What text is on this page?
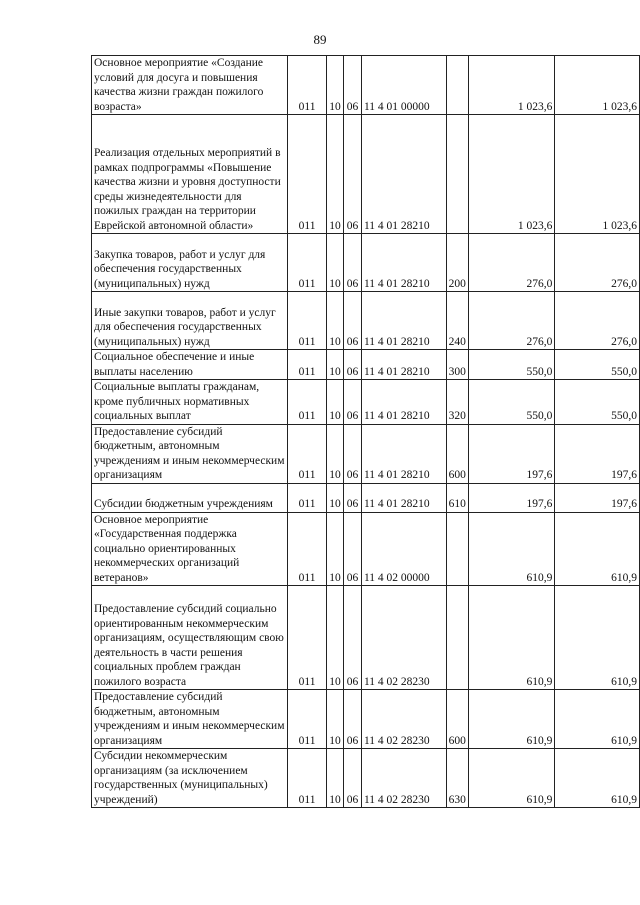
89
Основное мероприятие «Создание условий для досуга и повышения качества жизни граждан пожилого возраста»	011	10	06	11 4 01 00000		1 023,6	1 023,6
Реализация отдельных мероприятий в рамках подпрограммы «Повышение качества жизни и уровня доступности среды жизнедеятельности для пожилых граждан на территории Еврейской автономной области»	011	10	06	11 4 01 28210		1 023,6	1 023,6
Закупка товаров, работ и услуг для обеспечения государственных (муниципальных) нужд	011	10	06	11 4 01 28210	200	276,0	276,0
Иные закупки товаров, работ и услуг для обеспечения государственных (муниципальных) нужд	011	10	06	11 4 01 28210	240	276,0	276,0
Социальное обеспечение и иные выплаты населению	011	10	06	11 4 01 28210	300	550,0	550,0
Социальные выплаты гражданам, кроме публичных нормативных социальных выплат	011	10	06	11 4 01 28210	320	550,0	550,0
Предоставление субсидий бюджетным, автономным учреждениям и иным некоммерческим организациям	011	10	06	11 4 01 28210	600	197,6	197,6
Субсидии бюджетным учреждениям	011	10	06	11 4 01 28210	610	197,6	197,6
Основное мероприятие «Государственная поддержка социально ориентированных некоммерческих организаций ветеранов»	011	10	06	11 4 02 00000		610,9	610,9
Предоставление субсидий социально ориентированным некоммерческим организациям, осуществляющим свою деятельность в части решения социальных проблем граждан пожилого возраста	011	10	06	11 4 02 28230		610,9	610,9
Предоставление субсидий бюджетным, автономным учреждениям и иным некоммерческим организациям	011	10	06	11 4 02 28230	600	610,9	610,9
Субсидии некоммерческим организациям (за исключением государственных (муниципальных) учреждений)	011	10	06	11 4 02 28230	630	610,9	610,9
